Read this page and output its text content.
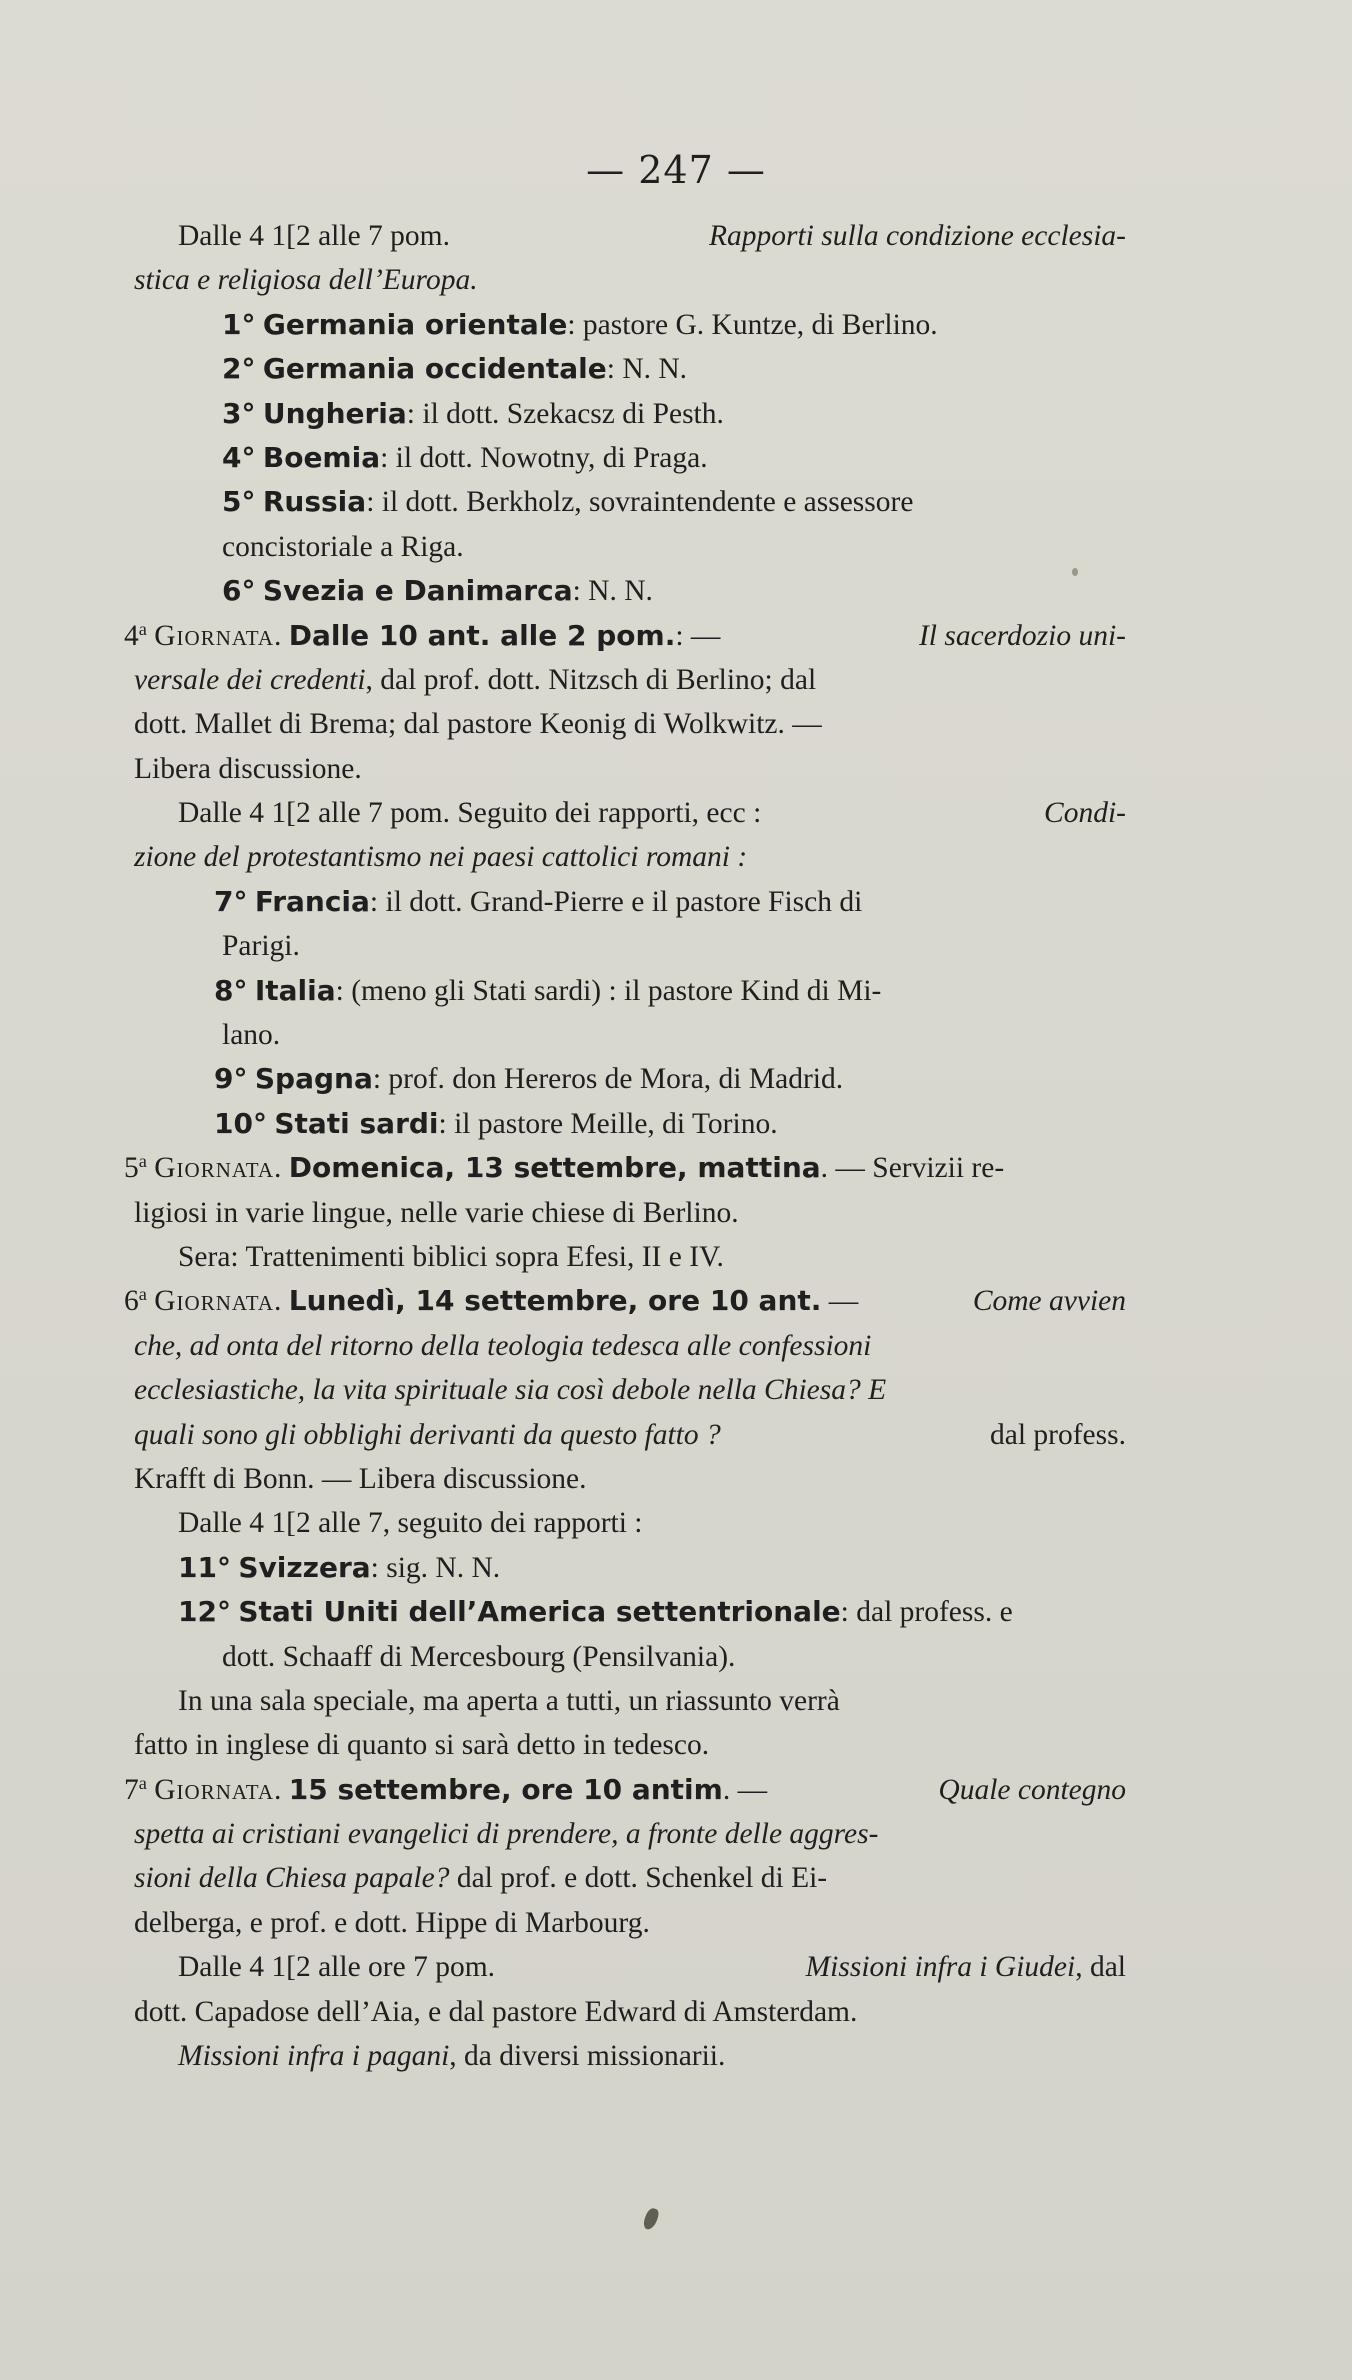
— 247 —
Dalle 4 1[2 alle 7 pom.	Rapporti sulla condizione ecclesia-
stica e religiosa dell’Europa.
1° Germania orientale: pastore G. Kuntze, di Berlino.
2° Germania occidentale: N. N.
3° Ungheria: il dott. Szekacsz di Pesth.
4° Boemia: il dott. Nowotny, di Praga.
5° Russia: il dott. Berkholz, sovraintendente e assessore
concistoriale a Riga.
6° Svezia e Danimarca: N. N.
4$^a$ Giornata. Dalle 10 ant. alle 2 pom.: —	Il sacerdozio uni-
versale dei credenti, dal prof. dott. Nitzsch di Berlino; dal
dott. Mallet di Brema; dal pastore Keonig di Wolkwitz. —
Libera discussione.
Dalle 4 1[2 alle 7 pom. Seguito dei rapporti, ecc :	Condi-
zione del protestantismo nei paesi cattolici romani :
7° Francia: il dott. Grand-Pierre e il pastore Fisch di
Parigi.
8° Italia: (meno gli Stati sardi) : il pastore Kind di Mi-
lano.
9° Spagna: prof. don Hereros de Mora, di Madrid.
10° Stati sardi: il pastore Meille, di Torino.
5$^a$ Giornata. Domenica, 13 settembre, mattina. — Servizii re-
ligiosi in varie lingue, nelle varie chiese di Berlino.
Sera: Trattenimenti biblici sopra Efesi, II e IV.
6$^a$ Giornata. Lunedì, 14 settembre, ore 10 ant. —	Come avvien
che, ad onta del ritorno della teologia tedesca alle confessioni
ecclesiastiche, la vita spirituale sia così debole nella Chiesa? E
quali sono gli obblighi derivanti da questo fatto ?	dal profess.
Krafft di Bonn. — Libera discussione.
Dalle 4 1[2 alle 7, seguito dei rapporti :
11° Svizzera: sig. N. N.
12° Stati Uniti dell’America settentrionale: dal profess. e
dott. Schaaff di Mercesbourg (Pensilvania).
In una sala speciale, ma aperta a tutti, un riassunto verrà
fatto in inglese di quanto si sarà detto in tedesco.
7$^a$ Giornata. 15 settembre, ore 10 antim. —	Quale contegno
spetta ai cristiani evangelici di prendere, a fronte delle aggres-
sioni della Chiesa papale? dal prof. e dott. Schenkel di Ei-
delberga, e prof. e dott. Hippe di Marbourg.
Dalle 4 1[2 alle ore 7 pom.	Missioni infra i Giudei, dal
dott. Capadose dell’Aia, e dal pastore Edward di Amsterdam.
Missioni infra i pagani, da diversi missionarii.
